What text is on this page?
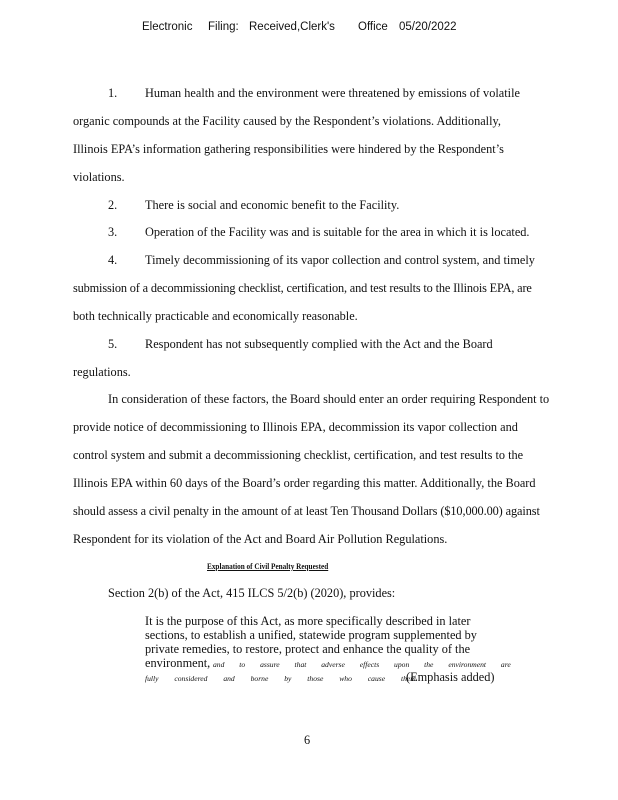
Electronic Filing: Received,Clerk's Office 05/20/2022
1. Human health and the environment were threatened by emissions of volatile
organic compounds at the Facility caused by the Respondent’s violations. Additionally,
Illinois EPA’s information gathering responsibilities were hindered by the Respondent’s
violations.
2. There is social and economic benefit to the Facility.
3. Operation of the Facility was and is suitable for the area in which it is located.
4. Timely decommissioning of its vapor collection and control system, and timely
submission of a decommissioning checklist, certification, and test results to the Illinois EPA, are
both technically practicable and economically reasonable.
5. Respondent has not subsequently complied with the Act and the Board
regulations.
In consideration of these factors, the Board should enter an order requiring Respondent to
provide notice of decommissioning to Illinois EPA, decommission its vapor collection and
control system and submit a decommissioning checklist, certification, and test results to the
Illinois EPA within 60 days of the Board’s order regarding this matter. Additionally, the Board
should assess a civil penalty in the amount of at least Ten Thousand Dollars ($10,000.00) against
Respondent for its violation of the Act and Board Air Pollution Regulations.
Explanation of Civil Penalty Requested
Section 2(b) of the Act, 415 ILCS 5/2(b) (2020), provides:
It is the purpose of this Act, as more specifically described in later
sections, to establish a unified, statewide program supplemented by
private remedies, to restore, protect and enhance the quality of the
environment, and to assure that adverse effects upon the environment are
fully considered and borne by those who cause them.
(Emphasis added)
6
